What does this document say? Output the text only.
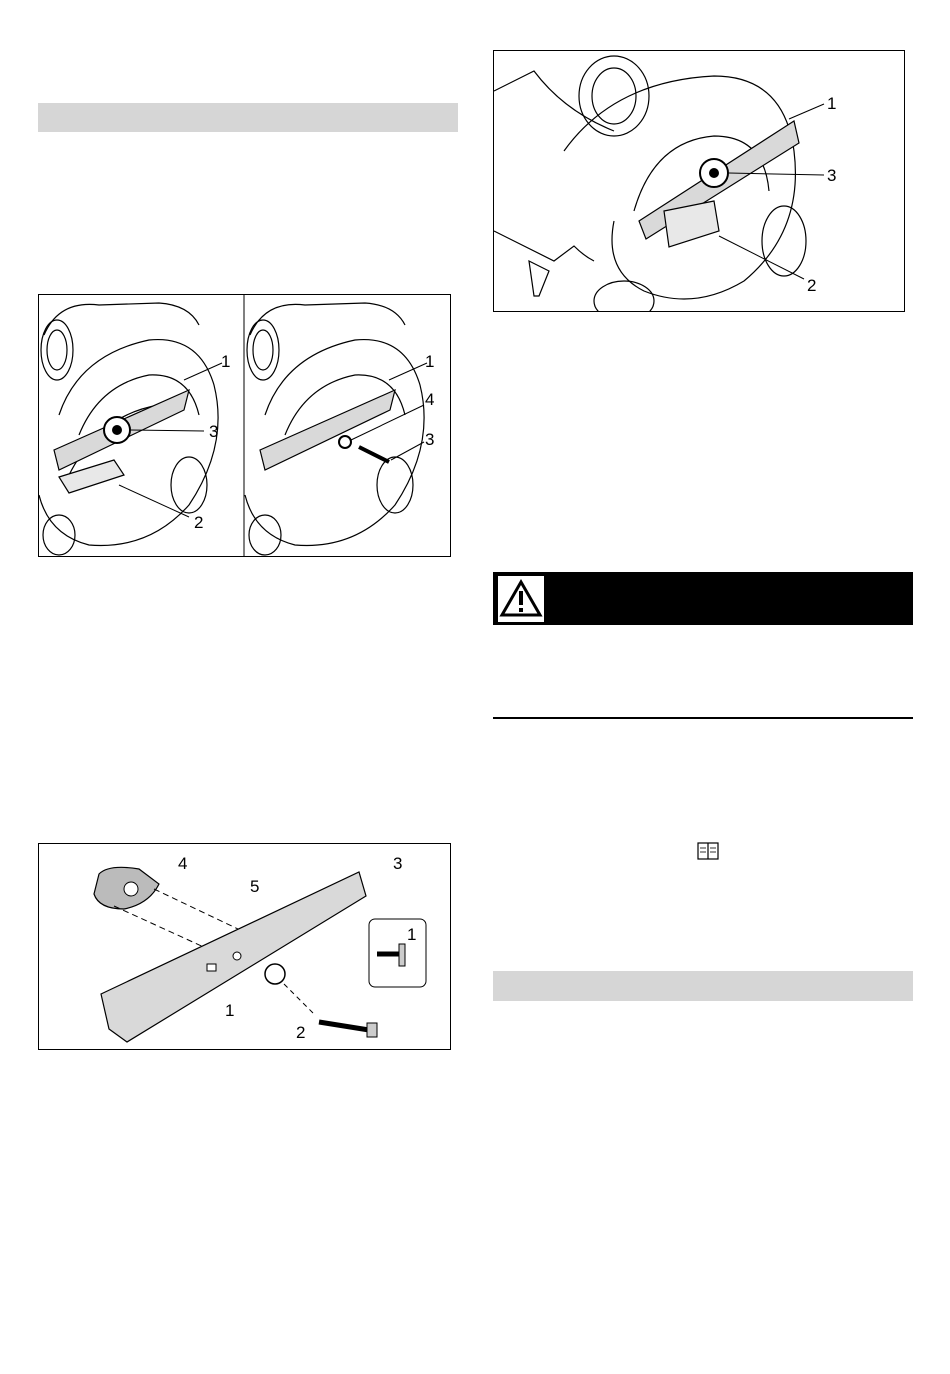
1
3
2
1
4
3
4
5
3
1
1
2
1
3
2
